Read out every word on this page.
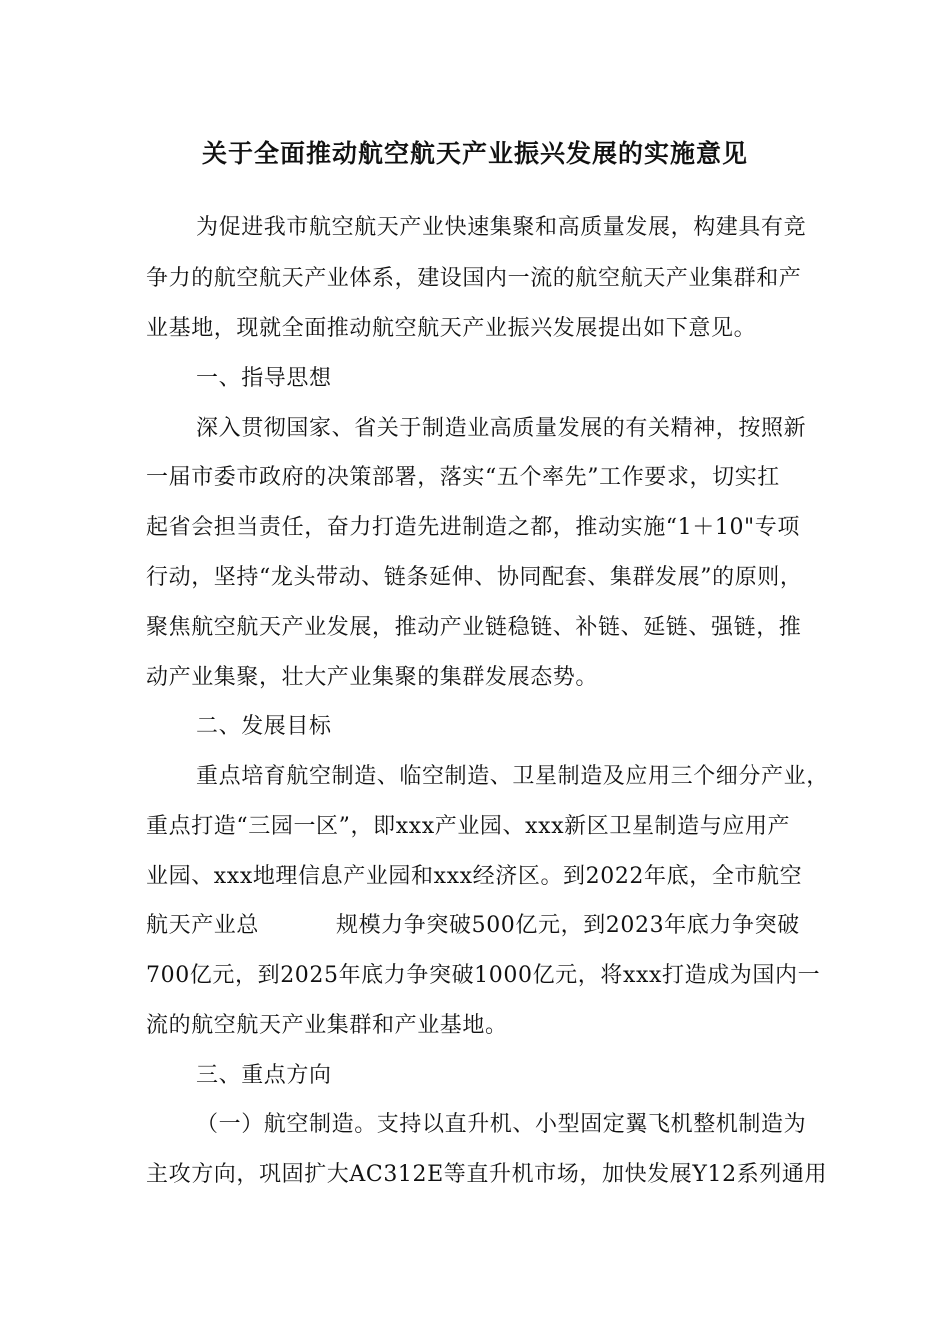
关于全面推动航空航天产业振兴发展的实施意见
为促进我市航空航天产业快速集聚和高质量发展，构建具有竞
争力的航空航天产业体系，建设国内一流的航空航天产业集群和产
业基地，现就全面推动航空航天产业振兴发展提出如下意见。
一、指导思想
深入贯彻国家、省关于制造业高质量发展的有关精神，按照新
一届市委市政府的决策部署，落实“五个率先”工作要求，切实扛
起省会担当责任，奋力打造先进制造之都，推动实施“1＋10"专项
行动，坚持“龙头带动、链条延伸、协同配套、集群发展”的原则，
聚焦航空航天产业发展，推动产业链稳链、补链、延链、强链，推
动产业集聚，壮大产业集聚的集群发展态势。
二、发展目标
重点培育航空制造、临空制造、卫星制造及应用三个细分产业，
重点打造“三园一区”，即xxx产业园、xxx新区卫星制造与应用产
业园、xxx地理信息产业园和xxx经济区。到2022年底，全市航空
航天产业总	规模力争突破500亿元，到2023年底力争突破
700亿元，到2025年底力争突破1000亿元，将xxx打造成为国内一
流的航空航天产业集群和产业基地。
三、重点方向
（一）航空制造。支持以直升机、小型固定翼飞机整机制造为
主攻方向，巩固扩大AC312E等直升机市场，加快发展Y12系列通用
